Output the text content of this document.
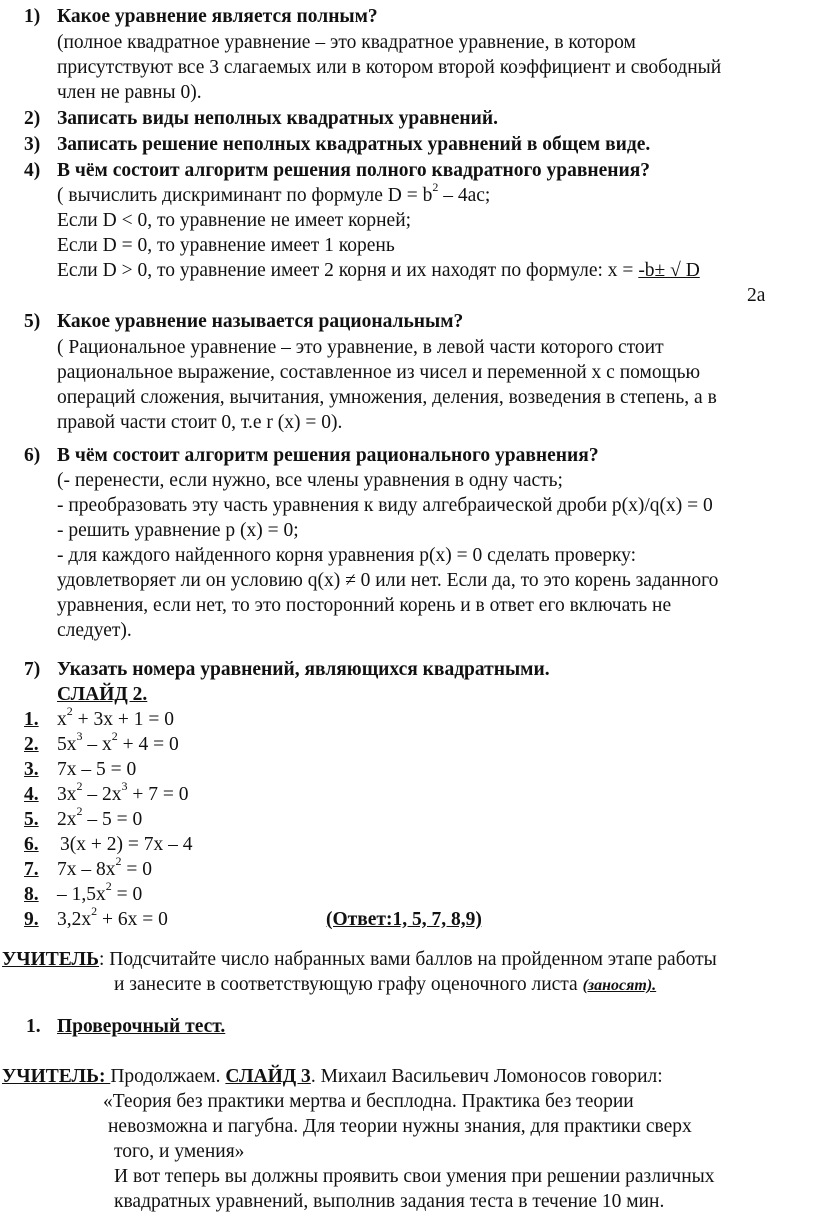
1) Какое уравнение является полным?
(полное квадратное уравнение – это квадратное уравнение, в котором
присутствуют все 3 слагаемых или в котором второй коэффициент и свободный
член не равны 0).
2) Записать виды неполных квадратных уравнений.
3) Записать решение неполных квадратных уравнений в общем виде.
4) В чём состоит алгоритм решения полного квадратного уравнения?
( вычислить дискриминант по формуле $D = b^2 - 4ac$;
Если D < 0, то уравнение не имеет корней;
Если D = 0, то уравнение имеет 1 корень
Если D > 0, то уравнение имеет 2 корня и их находят по формуле: x = -b± √ D
2a
5) Какое уравнение называется рациональным?
( Рациональное уравнение – это уравнение, в левой части которого стоит
рациональное выражение, составленное из чисел и переменной x с помощью
операций сложения, вычитания, умножения, деления, возведения в степень, а в
правой части стоит 0, т.е r (x) = 0).
6) В чём состоит алгоритм решения рационального уравнения?
(- перенести, если нужно, все члены уравнения в одну часть;
- преобразовать эту часть уравнения к виду алгебраической дроби p(x)/q(x) = 0
- решить уравнение p (x) = 0;
- для каждого найденного корня уравнения p(x) = 0 сделать проверку:
удовлетворяет ли он условию q(x) ≠ 0 или нет. Если да, то это корень заданного
уравнения, если нет, то это посторонний корень и в ответ его включать не
следует).
7) Указать номера уравнений, являющихся квадратными.
СЛАЙД 2.
1. $x^2 + 3x + 1 = 0$
2. $5x^3 - x^2 + 4 = 0$
3. 7x – 5 = 0
4. $3x^2 - 2x^3 + 7 = 0$
5. $2x^2 - 5 = 0$
6. 3(x + 2) = 7x – 4
7. $7x - 8x^2 = 0$
8. – $1,5x^2 = 0$
9. $3,2x^2 + 6x = 0$	(Ответ:1, 5, 7, 8,9)
УЧИТЕЛЬ: Подсчитайте число набранных вами баллов на пройденном этапе работы
и занесите в соответствующую графу оценочного листа (заносят).
1. Проверочный тест.
УЧИТЕЛЬ: Продолжаем. СЛАЙД 3. Михаил Васильевич Ломоносов говорил:
«Теория без практики мертва и бесплодна. Практика без теории
невозможна и пагубна. Для теории нужны знания, для практики сверх
того, и умения»
И вот теперь вы должны проявить свои умения при решении различных
квадратных уравнений, выполнив задания теста в течение 10 мин.
